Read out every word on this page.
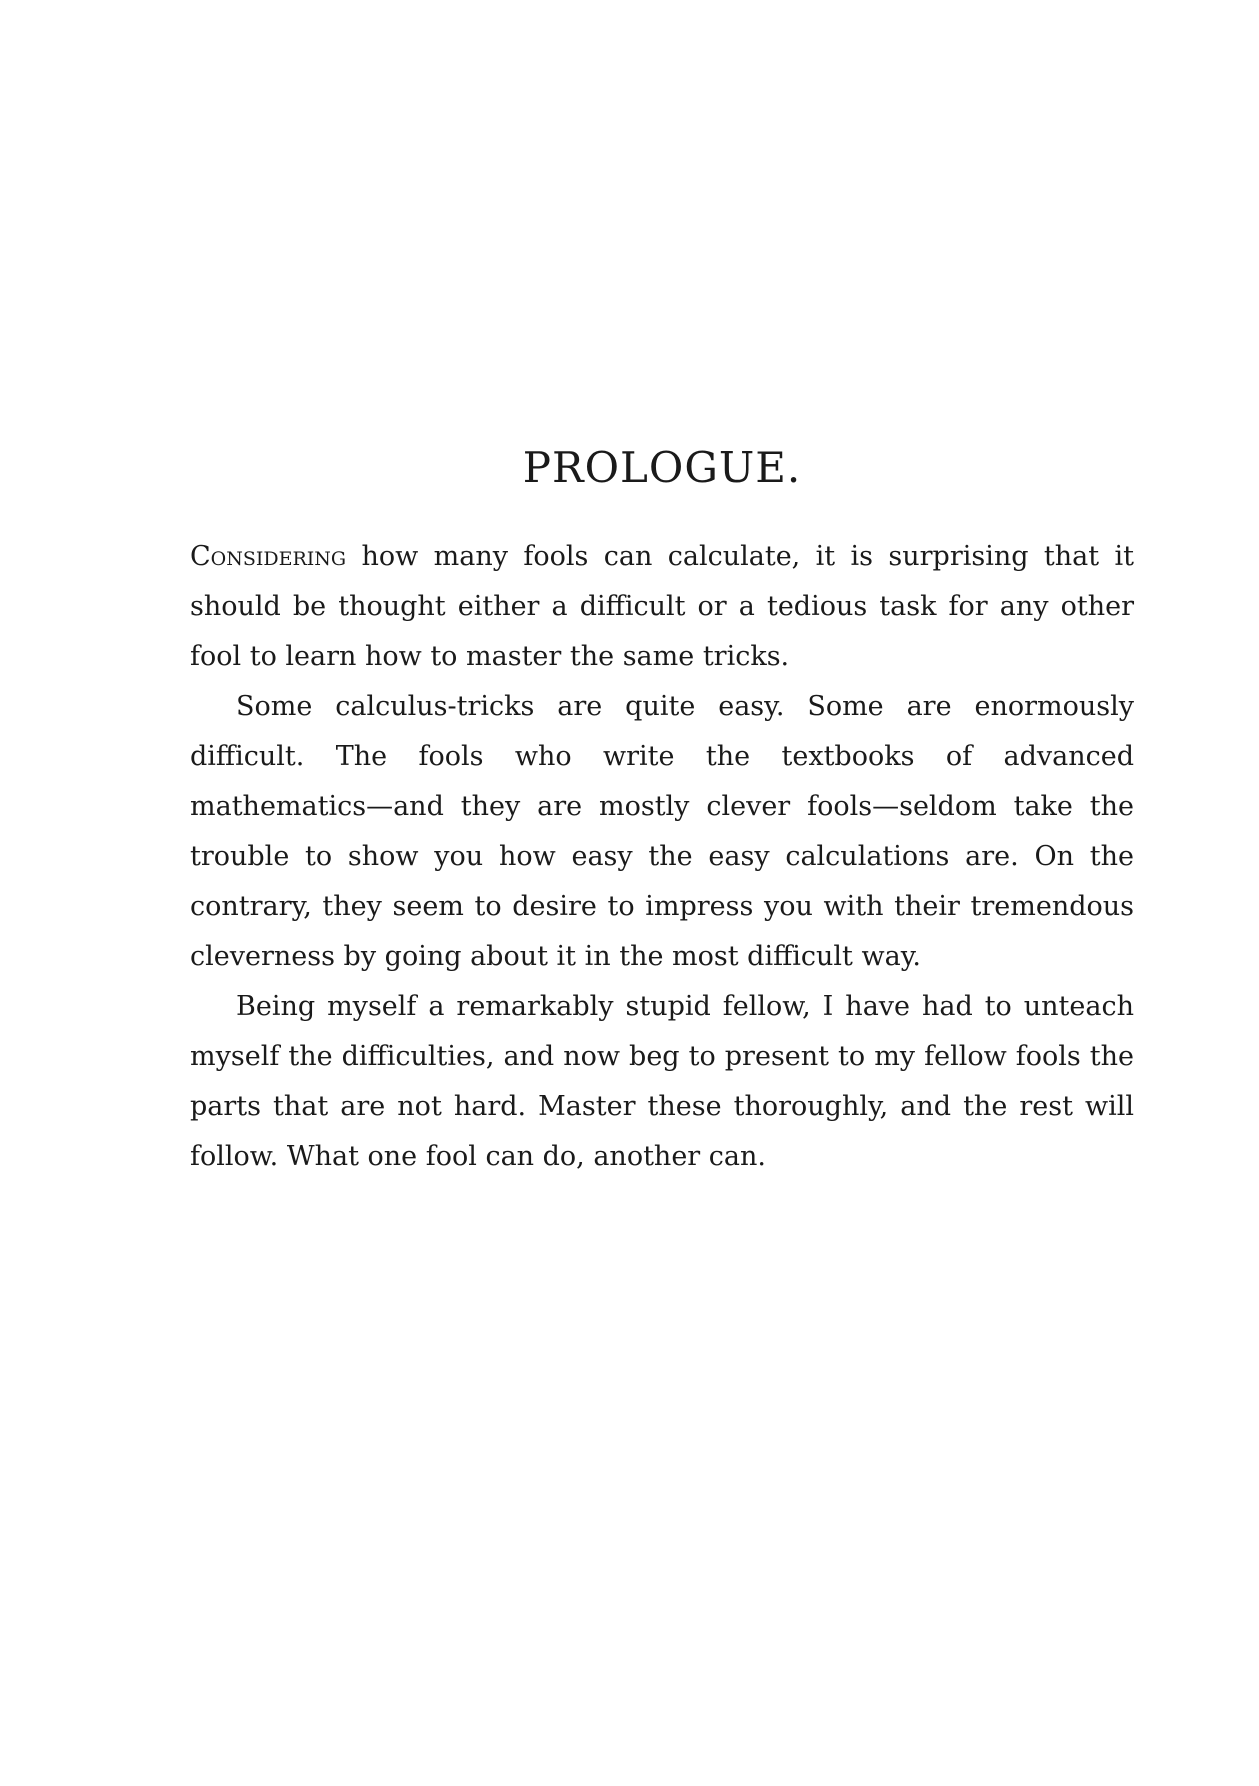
PROLOGUE.

Considering how many fools can calculate, it is surprising that it should be thought either a difficult or a tedious task for any other fool to learn how to master the same tricks.

Some calculus-tricks are quite easy. Some are enormously difficult. The fools who write the textbooks of advanced mathematics—and they are mostly clever fools—seldom take the trouble to show you how easy the easy calculations are. On the contrary, they seem to desire to impress you with their tremendous cleverness by going about it in the most difficult way.

Being myself a remarkably stupid fellow, I have had to unteach myself the difficulties, and now beg to present to my fellow fools the parts that are not hard. Master these thoroughly, and the rest will follow. What one fool can do, another can.
